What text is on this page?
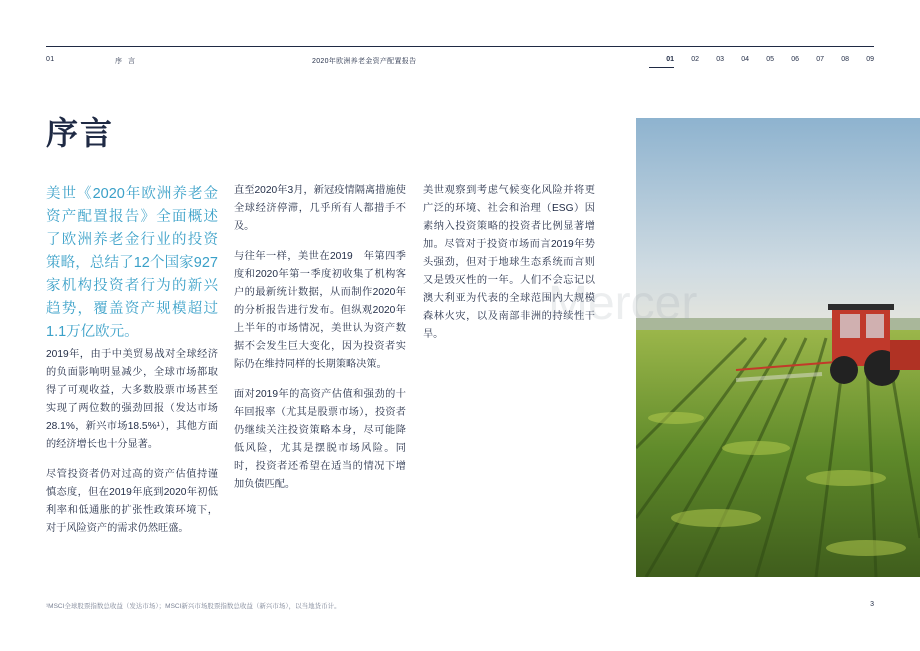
01	序 言	2020年欧洲养老金资产配置报告	01	02	03	04	05	06	07	08	09
序言

美世《2020年欧洲养老金资产配置报告》全面概述了欧洲养老金行业的投资策略，总结了12个国家927家机构投资者行为的新兴趋势，覆盖资产规模超过1.1万亿欧元。

2019年，由于中美贸易战对全球经济的负面影响明显减少，全球市场都取得了可观收益，大多数股票市场甚至实现了两位数的强劲回报（发达市场28.1%，新兴市场18.5%¹），其他方面的经济增长也十分显著。

尽管投资者仍对过高的资产估值持谨慎态度，但在2019年底到2020年初低利率和低通胀的扩张性政策环境下，对于风险资产的需求仍然旺盛。

直至2020年3月，新冠疫情隔离措施使全球经济停滞，几乎所有人都措手不及。

与往年一样，美世在2019　年第四季度和2020年第一季度初收集了机构客户的最新统计数据，从而制作2020年的分析报告进行发布。但纵观2020年上半年的市场情况，美世认为资产数据不会发生巨大变化，因为投资者实际仍在维持同样的长期策略决策。

面对2019年的高资产估值和强劲的十年回报率（尤其是股票市场），投资者仍继续关注投资策略本身，尽可能降低风险，尤其是摆脱市场风险。同时，投资者还希望在适当的情况下增加负债匹配。

美世观察到考虑气候变化风险并将更广泛的环境、社会和治理（ESG）因素纳入投资策略的投资者比例显著增加。尽管对于投资市场而言2019年势头强劲，但对于地球生态系统而言则又是毁灭性的一年。人们不会忘记以澳大利亚为代表的全球范围内大规模森林火灾，以及南部非洲的持续性干旱。

Mercer
¹MSCI全球股票指数总收益（发达市场）；MSCI新兴市场股票指数总收益（新兴市场），以当地货币计。	3
